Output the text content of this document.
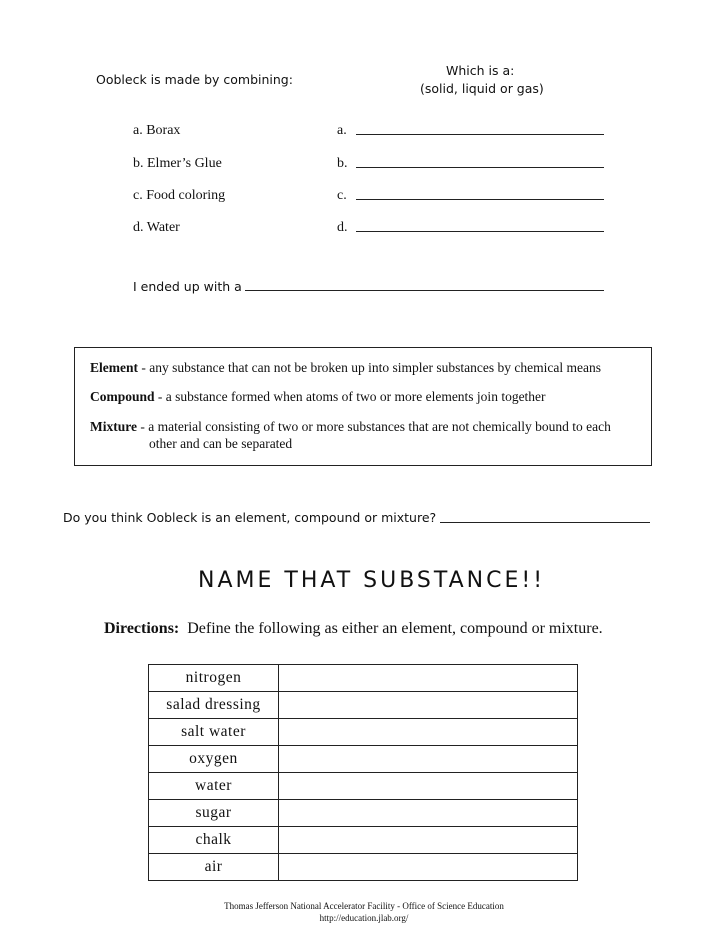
Oobleck is made by combining:
Which is a:
(solid, liquid or gas)
a. Borax
b. Elmer’s Glue
c. Food coloring
d. Water
a.
b.
c.
d.
I ended up with a
Element - any substance that can not be broken up into simpler substances by chemical means
Compound - a substance formed when atoms of two or more elements join together
Mixture - a material consisting of two or more substances that are not chemically bound to each
other and can be separated
Do you think Oobleck is an element, compound or mixture?
NAME THAT SUBSTANCE!!
Directions: Define the following as either an element, compound or mixture.
nitrogen	
salad dressing	
salt water	
oxygen	
water	
sugar	
chalk	
air	
Thomas Jefferson National Accelerator Facility - Office of Science Education
http://education.jlab.org/
